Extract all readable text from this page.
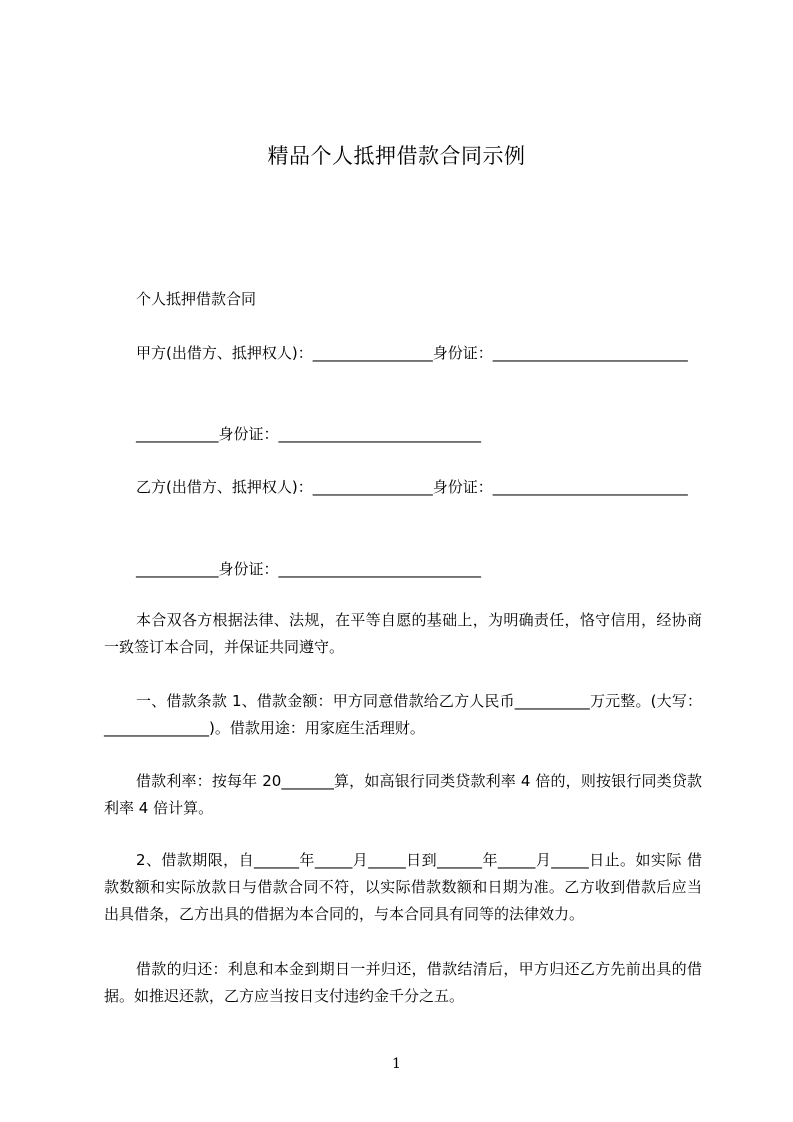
精品个人抵押借款合同示例
个人抵押借款合同
甲方(出借方、抵押权人)：________________身份证：__________________________
___________身份证：___________________________
乙方(出借方、抵押权人)：________________身份证：__________________________
___________身份证：___________________________
本合双各方根据法律、法规，在平等自愿的基础上，为明确责任，恪守信用，经协商一致签订本合同，并保证共同遵守。
一、借款条款 1、借款金额：甲方同意借款给乙方人民币__________万元整。(大写：______________)。借款用途：用家庭生活理财。
借款利率：按每年 20_______算，如高银行同类贷款利率 4 倍的，则按银行同类贷款利率 4 倍计算。
2、借款期限，自______年_____月_____日到______年_____月_____日止。如实际 借款数额和实际放款日与借款合同不符，以实际借款数额和日期为准。乙方收到借款后应当出具借条，乙方出具的借据为本合同的，与本合同具有同等的法律效力。
借款的归还：利息和本金到期日一并归还，借款结清后，甲方归还乙方先前出具的借据。如推迟还款，乙方应当按日支付违约金千分之五。
1
